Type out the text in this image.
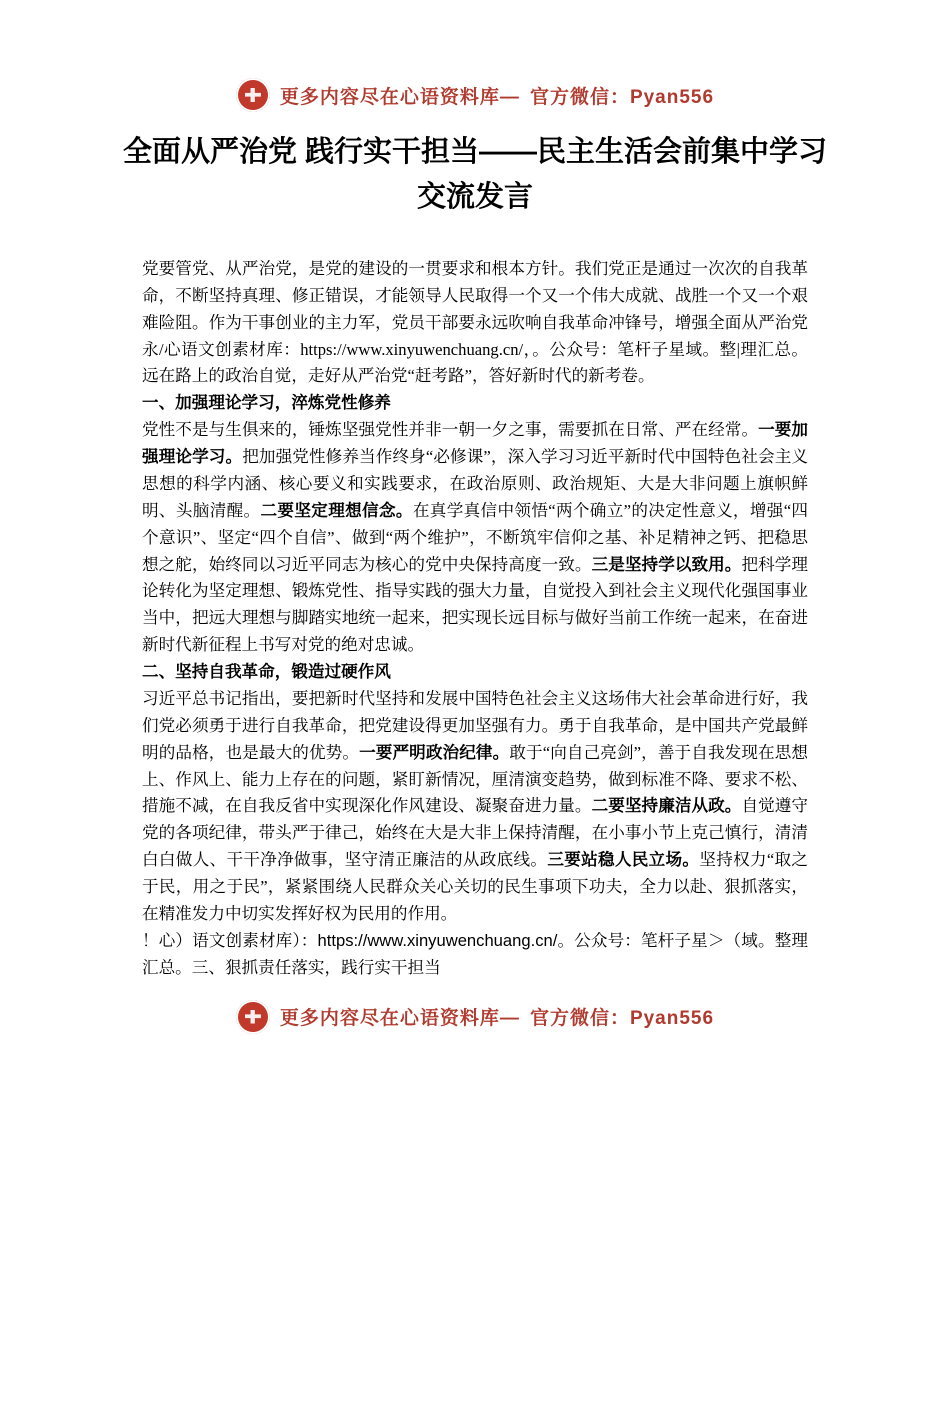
更多内容尽在心语资料库— 官方微信：Pyan556
全面从严治党 践行实干担当——民主生活会前集中学习交流发言

党要管党、从严治党，是党的建设的一贯要求和根本方针。我们党正是通过一次次的自我革命，不断坚持真理、修正错误，才能领导人民取得一个又一个伟大成就、战胜一个又一个艰难险阻。作为干事创业的主力军，党员干部要永远吹响自我革命冲锋号，增强全面从严治党永/心语文创素材库：https://www.xinyuwenchuang.cn/，。公众号：笔杆子星域。整|理汇总。远在路上的政治自觉，走好从严治党“赶考路”，答好新时代的新考卷。

一、加强理论学习，淬炼党性修养

党性不是与生俱来的，锤炼坚强党性并非一朝一夕之事，需要抓在日常、严在经常。一要加强理论学习。把加强党性修养当作终身“必修课”，深入学习习近平新时代中国特色社会主义思想的科学内涵、核心要义和实践要求，在政治原则、政治规矩、大是大非问题上旗帜鲜明、头脑清醒。二要坚定理想信念。在真学真信中领悟“两个确立”的决定性意义，增强“四个意识”、坚定“四个自信”、做到“两个维护”，不断筑牢信仰之基、补足精神之钙、把稳思想之舵，始终同以习近平同志为核心的党中央保持高度一致。三是坚持学以致用。把科学理论转化为坚定理想、锻炼党性、指导实践的强大力量，自觉投入到社会主义现代化强国事业当中，把远大理想与脚踏实地统一起来，把实现长远目标与做好当前工作统一起来，在奋进新时代新征程上书写对党的绝对忠诚。

二、坚持自我革命，锻造过硬作风

习近平总书记指出，要把新时代坚持和发展中国特色社会主义这场伟大社会革命进行好，我们党必须勇于进行自我革命，把党建设得更加坚强有力。勇于自我革命，是中国共产党最鲜明的品格，也是最大的优势。一要严明政治纪律。敢于“向自己亮剑”，善于自我发现在思想上、作风上、能力上存在的问题，紧盯新情况，厘清演变趋势，做到标准不降、要求不松、措施不减，在自我反省中实现深化作风建设、凝聚奋进力量。二要坚持廉洁从政。自觉遵守党的各项纪律，带头严于律己，始终在大是大非上保持清醒，在小事小节上克己慎行，清清白白做人、干干净净做事，坚守清正廉洁的从政底线。三要站稳人民立场。坚持权力“取之于民，用之于民”，紧紧围绕人民群众关心关切的民生事项下功夫，全力以赴、狠抓落实，在精准发力中切实发挥好权为民用的作用。

！心）语文创素材库）：https://www.xinyuwenchuang.cn/。公众号：笔杆子星＞（域。整理汇总。三、狠抓责任落实，践行实干担当

更多内容尽在心语资料库— 官方微信：Pyan556
